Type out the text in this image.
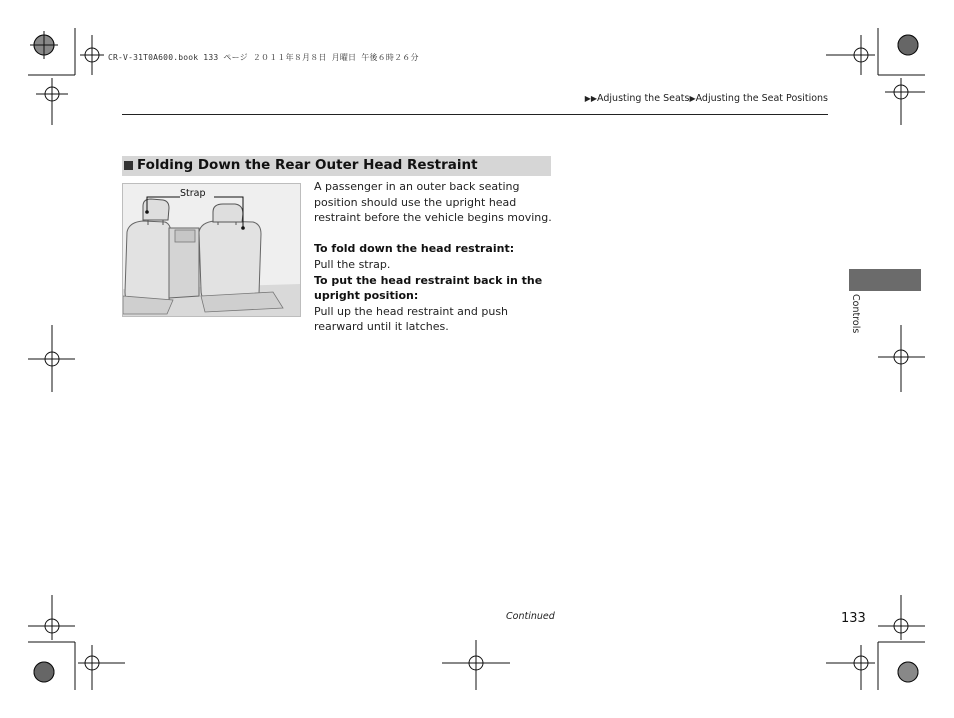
CR-V-31T0A600.book 133 ページ ２０１１年８月８日 月曜日 午後６時２６分
▶▶Adjusting the Seats▶Adjusting the Seat Positions
Folding Down the Rear Outer Head Restraint
Strap

A passenger in an outer back seating position should use the upright head restraint before the vehicle begins moving.

To fold down the head restraint:

Pull the strap.

To put the head restraint back in the upright position:

Pull up the head restraint and push rearward until it latches.	Controls
Continued	133
